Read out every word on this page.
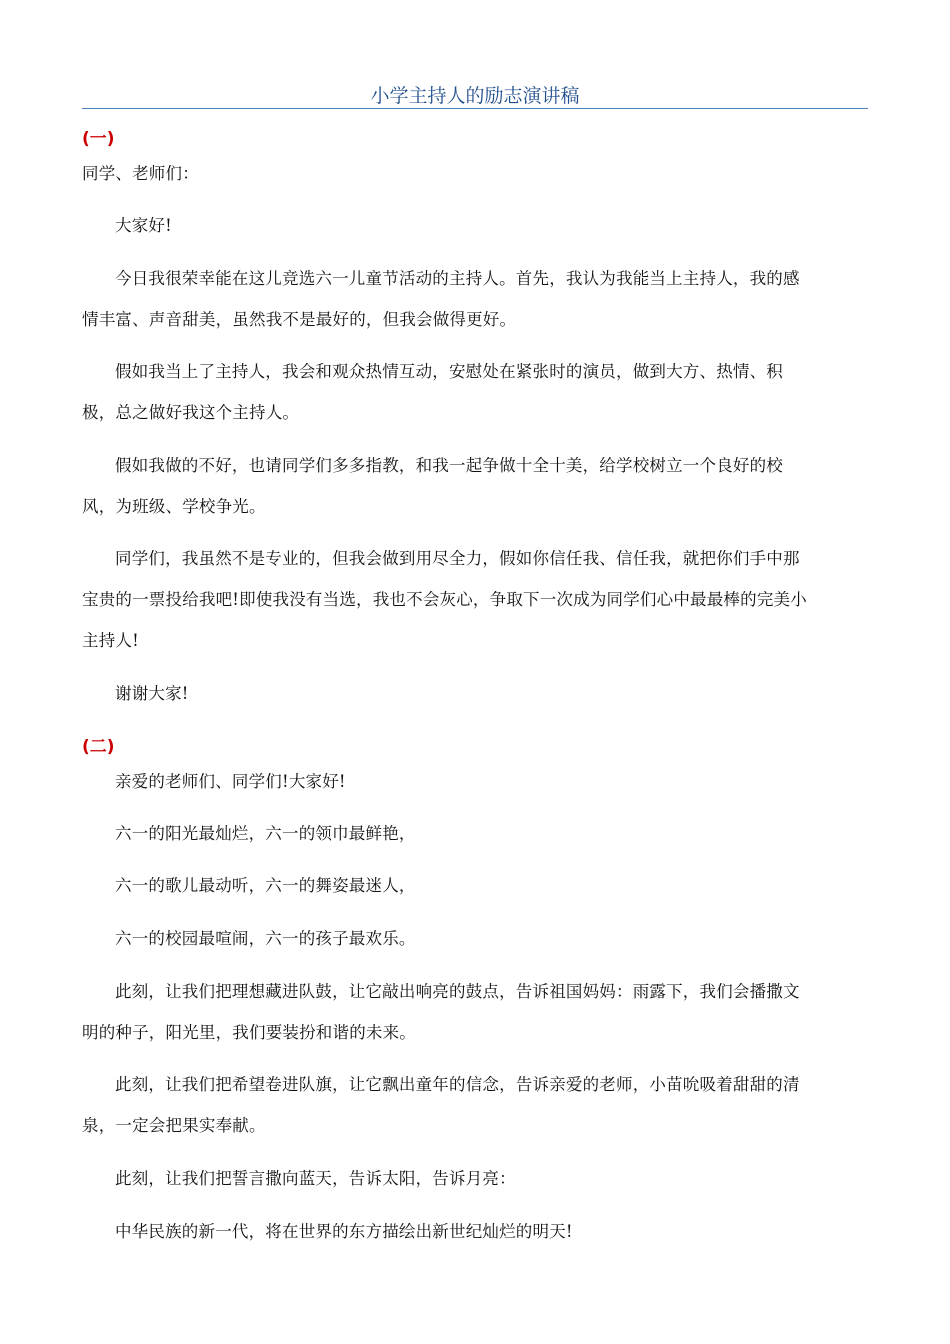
小学主持人的励志演讲稿
(一)
同学、老师们：
大家好!
今日我很荣幸能在这儿竞选六一儿童节活动的主持人。首先，我认为我能当上主持人，我的感
情丰富、声音甜美，虽然我不是最好的，但我会做得更好。
假如我当上了主持人，我会和观众热情互动，安慰处在紧张时的演员，做到大方、热情、积
极，总之做好我这个主持人。
假如我做的不好，也请同学们多多指教，和我一起争做十全十美，给学校树立一个良好的校
风，为班级、学校争光。
同学们，我虽然不是专业的，但我会做到用尽全力，假如你信任我、信任我，就把你们手中那
宝贵的一票投给我吧!即使我没有当选，我也不会灰心，争取下一次成为同学们心中最最棒的完美小
主持人!
谢谢大家!
(二)
亲爱的老师们、同学们!大家好!
六一的阳光最灿烂，六一的领巾最鲜艳，
六一的歌儿最动听，六一的舞姿最迷人，
六一的校园最喧闹，六一的孩子最欢乐。
此刻，让我们把理想藏进队鼓，让它敲出响亮的鼓点，告诉祖国妈妈：雨露下，我们会播撒文
明的种子，阳光里，我们要装扮和谐的未来。
此刻，让我们把希望卷进队旗，让它飘出童年的信念，告诉亲爱的老师，小苗吮吸着甜甜的清
泉，一定会把果实奉献。
此刻，让我们把誓言撒向蓝天，告诉太阳，告诉月亮：
中华民族的新一代，将在世界的东方描绘出新世纪灿烂的明天!
